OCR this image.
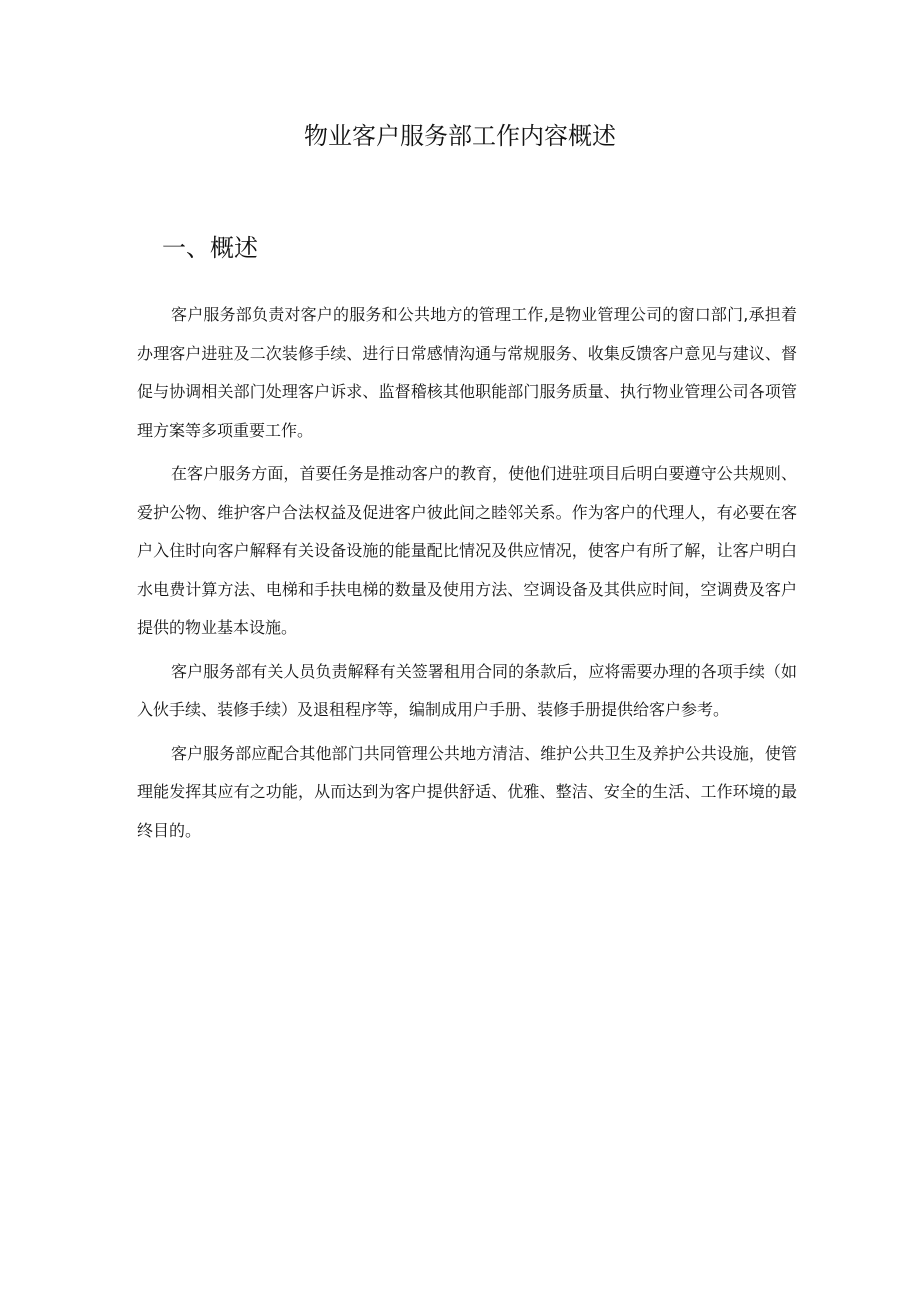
物业客户服务部工作内容概述
一、概述

客户服务部负责对客户的服务和公共地方的管理工作,是物业管理公司的窗口部门,承担着办理客户进驻及二次装修手续、进行日常感情沟通与常规服务、收集反馈客户意见与建议、督促与协调相关部门处理客户诉求、监督稽核其他职能部门服务质量、执行物业管理公司各项管理方案等多项重要工作。

在客户服务方面，首要任务是推动客户的教育，使他们进驻项目后明白要遵守公共规则、爱护公物、维护客户合法权益及促进客户彼此间之睦邻关系。作为客户的代理人，有必要在客户入住时向客户解释有关设备设施的能量配比情况及供应情况，使客户有所了解，让客户明白水电费计算方法、电梯和手扶电梯的数量及使用方法、空调设备及其供应时间，空调费及客户提供的物业基本设施。

客户服务部有关人员负责解释有关签署租用合同的条款后，应将需要办理的各项手续（如入伙手续、装修手续）及退租程序等，编制成用户手册、装修手册提供给客户参考。

客户服务部应配合其他部门共同管理公共地方清洁、维护公共卫生及养护公共设施，使管理能发挥其应有之功能，从而达到为客户提供舒适、优雅、整洁、安全的生活、工作环境的最终目的。
